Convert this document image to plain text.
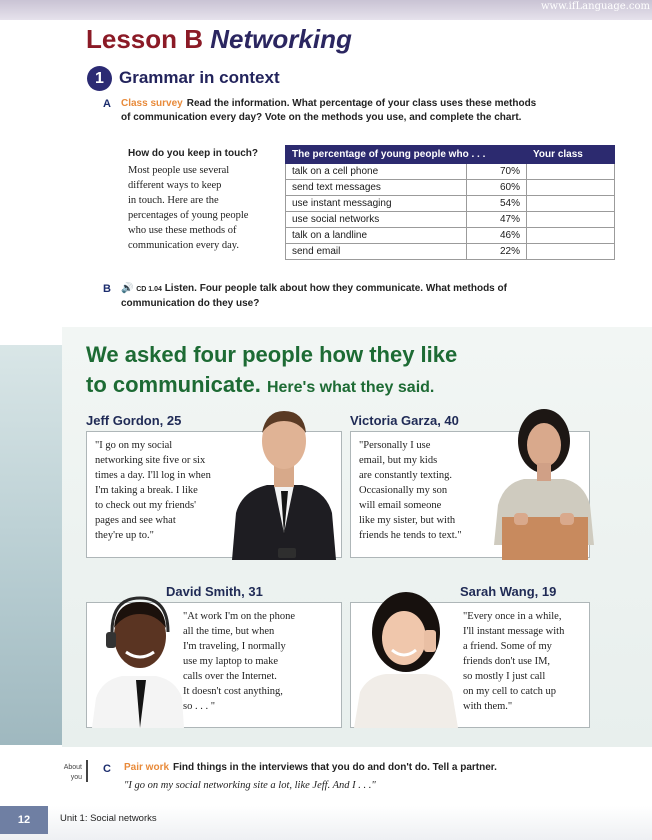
www.ifLanguage.com
Lesson B Networking
1 Grammar in context
A Class survey Read the information. What percentage of your class uses these methods
of communication every day? Vote on the methods you use, and complete the chart.
How do you keep in touch?
Most people use several
different ways to keep
in touch. Here are the
percentages of young people
who use these methods of
communication every day.
The percentage of young people who . . .		Your class
talk on a cell phone	70%	
send text messages	60%	
use instant messaging	54%	
use social networks	47%	
talk on a landline	46%	
send email	22%	
B 🔊 CD 1.04 Listen. Four people talk about how they communicate. What methods of
communication do they use?
We asked four people how they like
to communicate. Here's what they said.
Jeff Gordon, 25
"I go on my social
networking site five or six
times a day. I'll log in when
I'm taking a break. I like
to check out my friends'
pages and see what
they're up to."
Victoria Garza, 40
"Personally I use
email, but my kids
are constantly texting.
Occasionally my son
will email someone
like my sister, but with
friends he tends to text."
David Smith, 31
"At work I'm on the phone
all the time, but when
I'm traveling, I normally
use my laptop to make
calls over the Internet.
It doesn't cost anything,
so . . . "
Sarah Wang, 19
"Every once in a while,
I'll instant message with
a friend. Some of my
friends don't use IM,
so mostly I just call
on my cell to catch up
with them."
About
you
C Pair work Find things in the interviews that you do and don't do. Tell a partner.
"I go on my social networking site a lot, like Jeff. And I . . ."
12	Unit 1: Social networks
